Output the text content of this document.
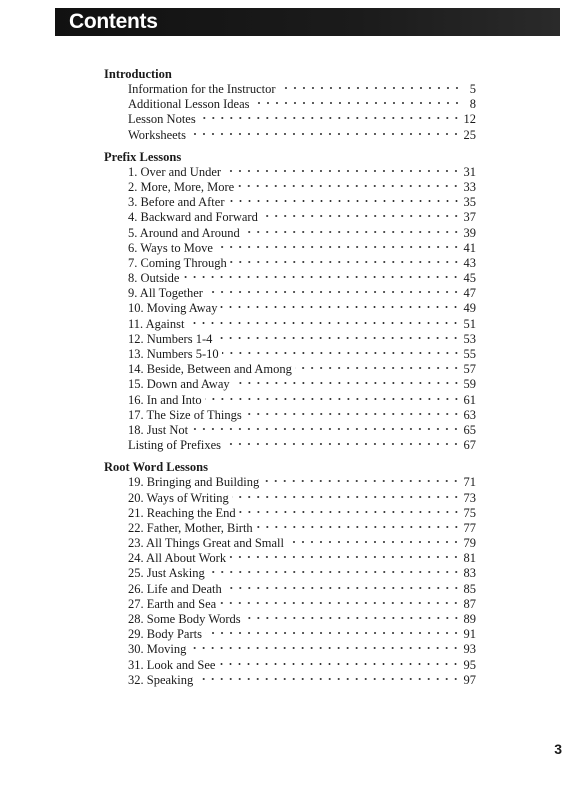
Contents
Introduction
Information for the Instructor	5
Additional Lesson Ideas	8
Lesson Notes	12
Worksheets	25
Prefix Lessons
1. Over and Under	31
2. More, More, More	33
3. Before and After	35
4. Backward and Forward	37
5. Around and Around	39
6. Ways to Move	41
7. Coming Through	43
8. Outside	45
9. All Together	47
10. Moving Away	49
11. Against	51
12. Numbers 1-4	53
13. Numbers 5-10	55
14. Beside, Between and Among	57
15. Down and Away	59
16. In and Into	61
17. The Size of Things	63
18. Just Not	65
Listing of Prefixes	67
Root Word Lessons
19. Bringing and Building	71
20. Ways of Writing	73
21. Reaching the End	75
22. Father, Mother, Birth	77
23. All Things Great and Small	79
24. All About Work	81
25. Just Asking	83
26. Life and Death	85
27. Earth and Sea	87
28. Some Body Words	89
29. Body Parts	91
30. Moving	93
31. Look and See	95
32. Speaking	97
3
